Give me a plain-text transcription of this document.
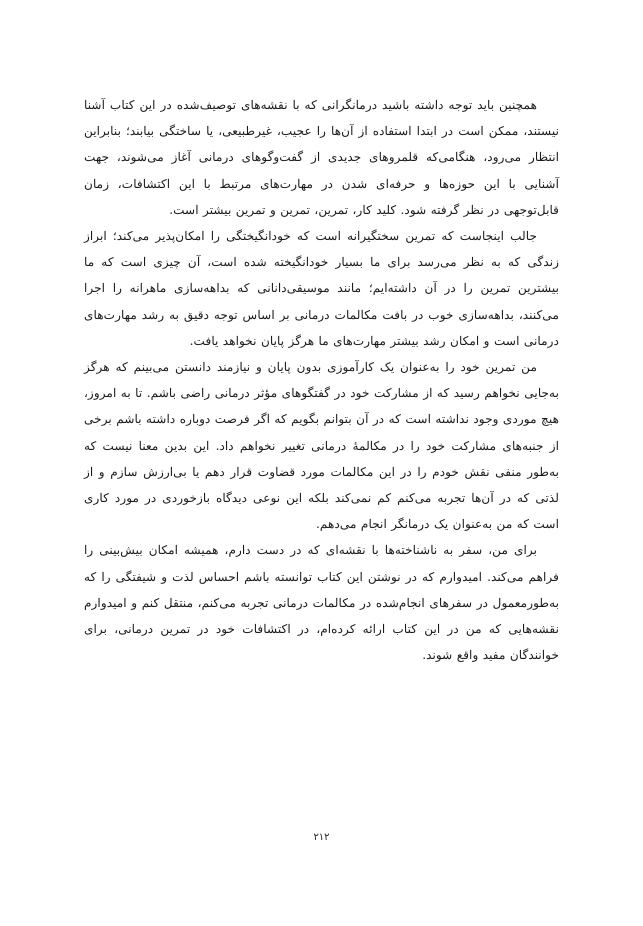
همچنین باید توجه داشته باشید درمانگرانی که با نقشه‌های توصیف‌شده در این کتاب آشنا نیستند، ممکن است در ابتدا استفاده از آن‌ها را عجیب، غیرطبیعی، یا ساختگی بیابند؛ بنابراین انتظار می‌رود، هنگامی‌که قلمروهای جدیدی از گفت‌وگوهای درمانی آغاز می‌شوند، جهت آشنایی با این حوزه‌ها و حرفه‌ای شدن در مهارت‌های مرتبط با این اکتشافات، زمان قابل‌توجهی در نظر گرفته شود. کلید کار، تمرین، تمرین و تمرین بیشتر است.

جالب اینجاست که تمرین سختگیرانه است که خودانگیختگی را امکان‌پذیر می‌کند؛ ابراز زندگی که به نظر می‌رسد برای ما بسیار خودانگیخته شده است، آن چیزی است که ما بیشترین تمرین را در آن داشته‌ایم؛ مانند موسیقی‌دانانی که بداهه‌سازی ماهرانه را اجرا می‌کنند، بداهه‌سازی خوب در بافت مکالمات درمانی بر اساس توجه دقیق به رشد مهارت‌های درمانی است و امکان رشد بیشتر مهارت‌های ما هرگز پایان نخواهد یافت.

من تمرین خود را به‌عنوان یک کارآموزی بدون پایان و نیازمند دانستن می‌بینم که هرگز به‌جایی نخواهم رسید که از مشارکت خود در گفتگوهای مؤثر درمانی راضی باشم. تا به امروز، هیچ موردی وجود نداشته است که در آن بتوانم بگویم که اگر فرصت دوباره داشته باشم برخی از جنبه‌های مشارکت خود را در مکالمهٔ درمانی تغییر نخواهم داد. این بدین معنا نیست که به‌طور منفی نقش خودم را در این مکالمات مورد قضاوت قرار دهم یا بی‌ارزش سازم و از لذتی که در آن‌ها تجربه می‌کنم کم نمی‌کند بلکه این نوعی دیدگاه بازخوردی در مورد کاری است که من به‌عنوان یک درمانگر انجام می‌دهم.

برای من، سفر به ناشناخته‌ها با نقشه‌ای که در دست دارم، همیشه امکان بیش‌بینی را فراهم می‌کند. امیدوارم که در نوشتن این کتاب توانسته باشم احساس لذت و شیفتگی را که به‌طورمعمول در سفرهای انجام‌شده در مکالمات درمانی تجربه می‌کنم، منتقل کنم و امیدوارم نقشه‌هایی که من در این کتاب ارائه کرده‌ام، در اکتشافات خود در تمرین درمانی، برای خوانندگان مفید واقع شوند.

۲۱۲
